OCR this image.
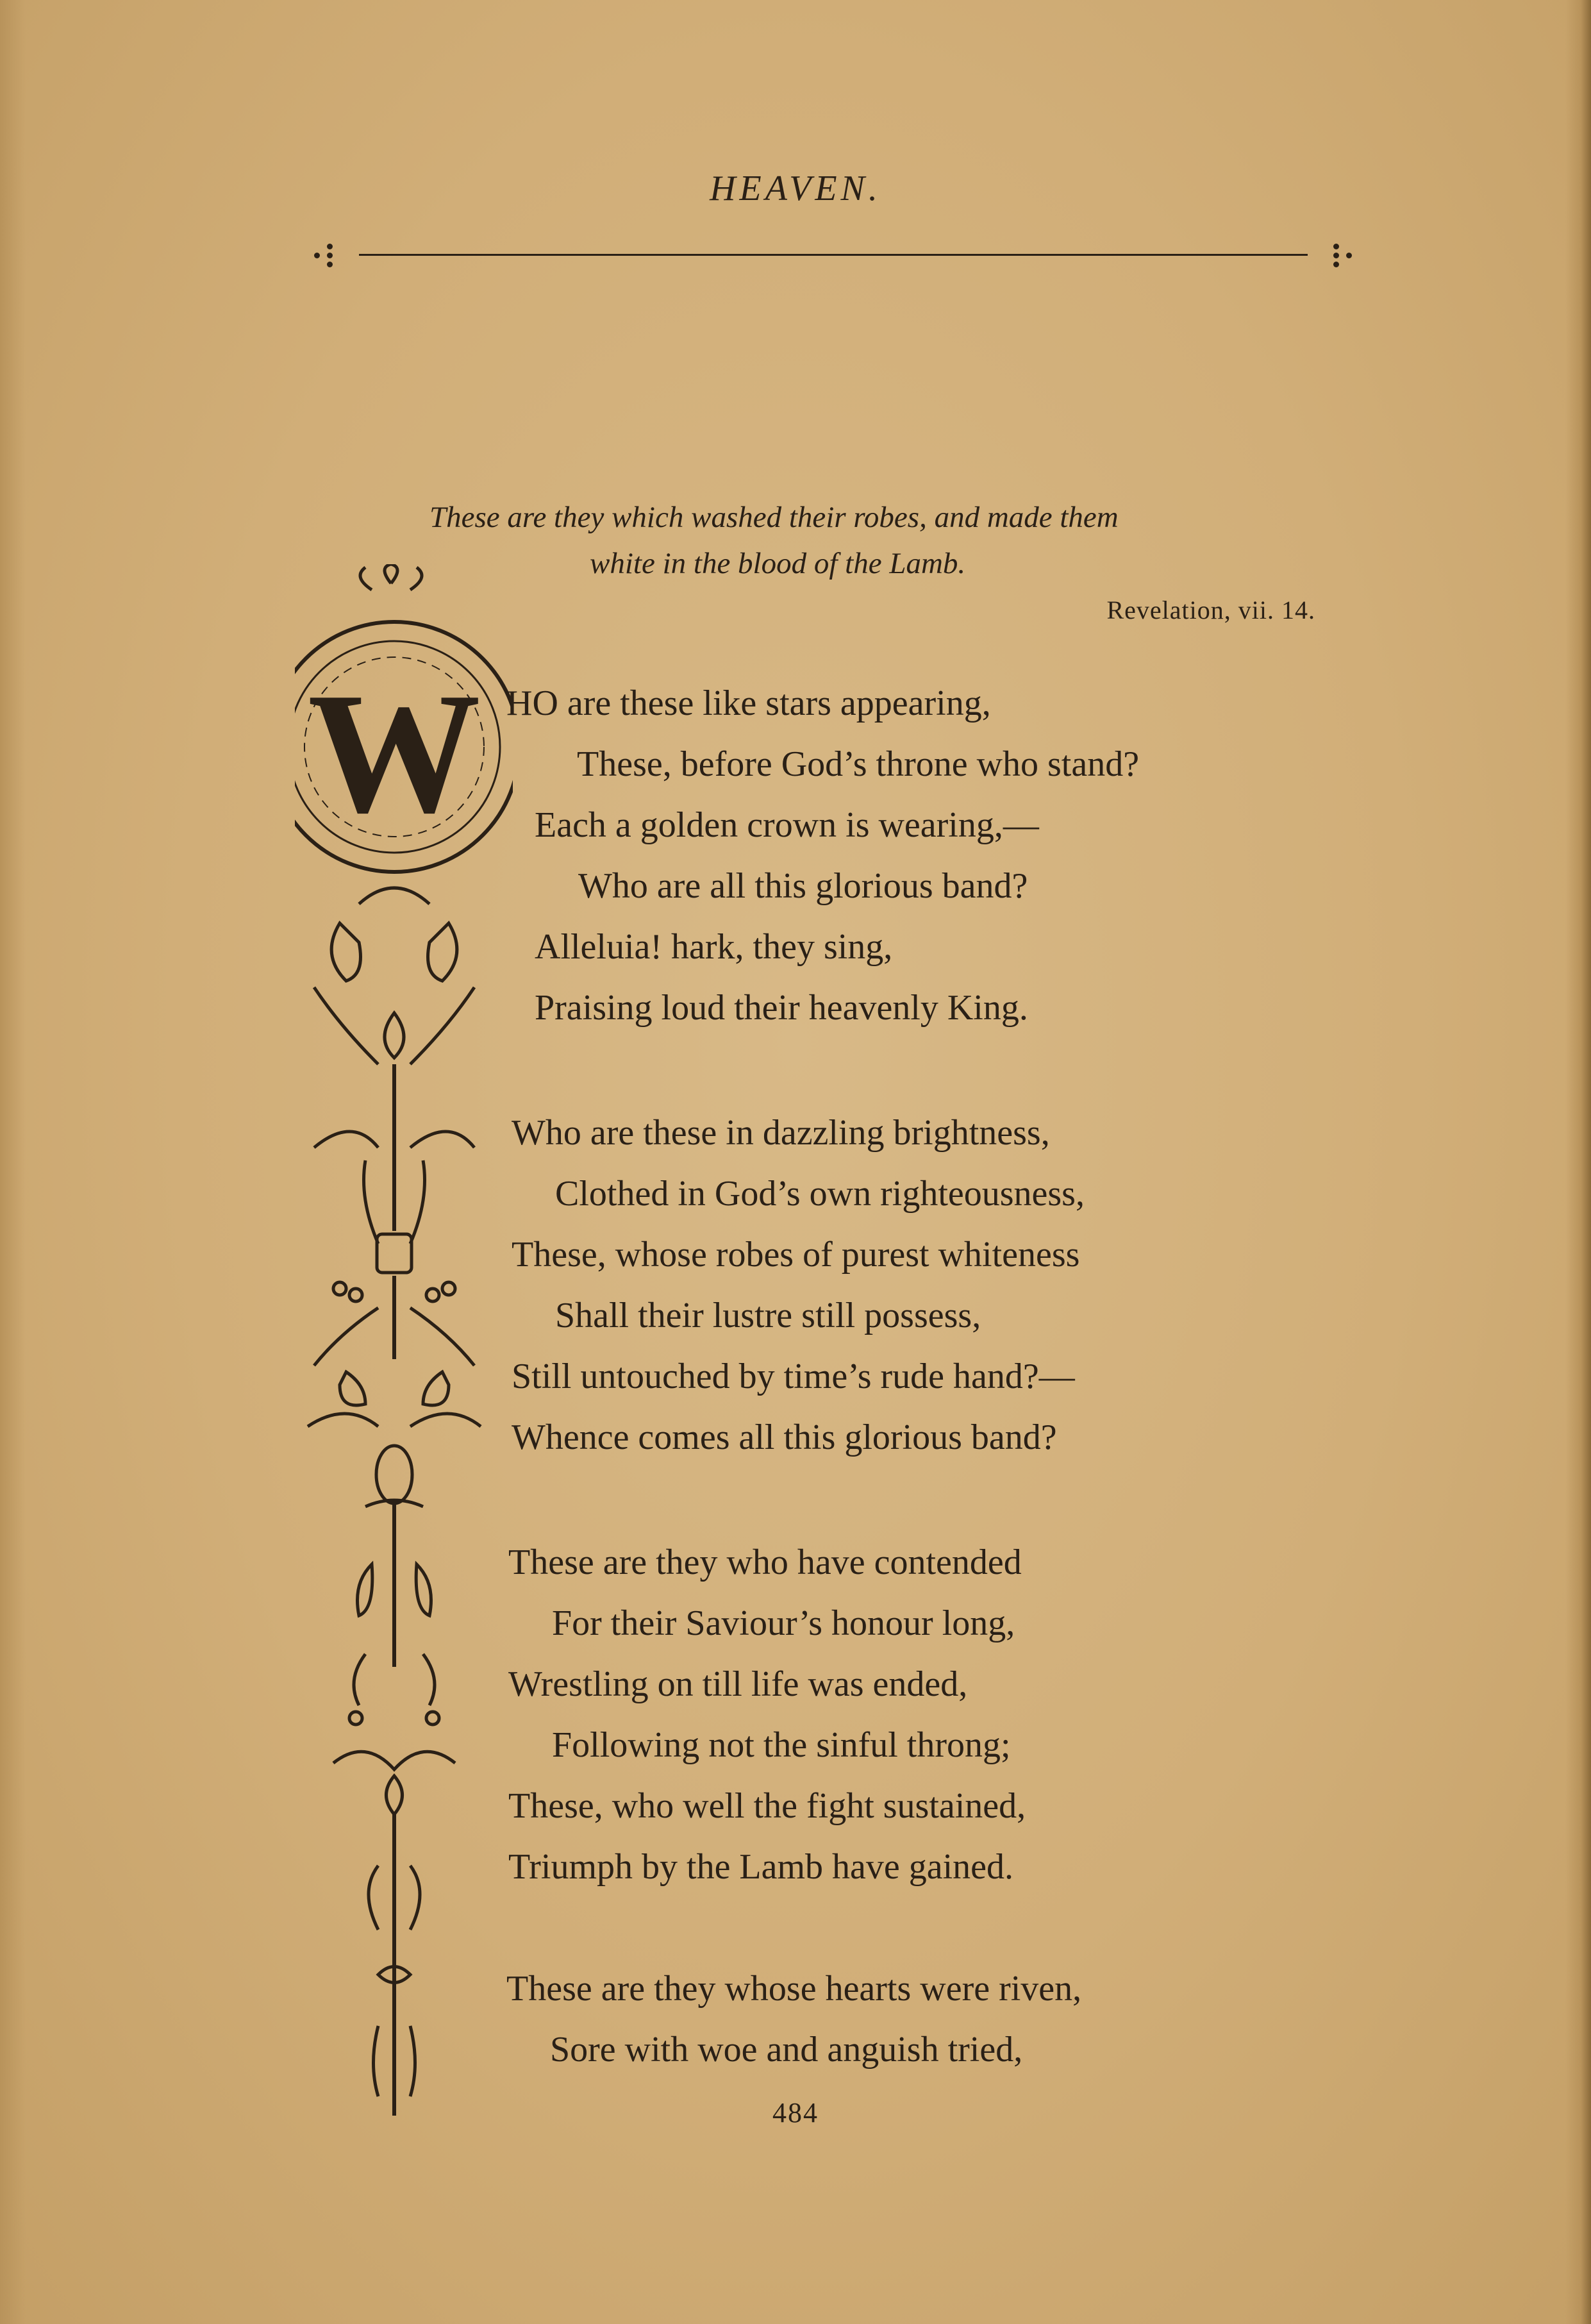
HEAVEN.
These are they which washed their robes, and made them
white in the blood of the Lamb.
Revelation, vii. 14.
W HO are these like stars appearing,
These, before God’s throne who stand?
Each a golden crown is wearing,—
Who are all this glorious band?
Alleluia! hark, they sing,
Praising loud their heavenly King.
Who are these in dazzling brightness,
Clothed in God’s own righteousness,
These, whose robes of purest whiteness
Shall their lustre still possess,
Still untouched by time’s rude hand?—
Whence comes all this glorious band?
These are they who have contended
For their Saviour’s honour long,
Wrestling on till life was ended,
Following not the sinful throng;
These, who well the fight sustained,
Triumph by the Lamb have gained.
These are they whose hearts were riven,
Sore with woe and anguish tried,
484
